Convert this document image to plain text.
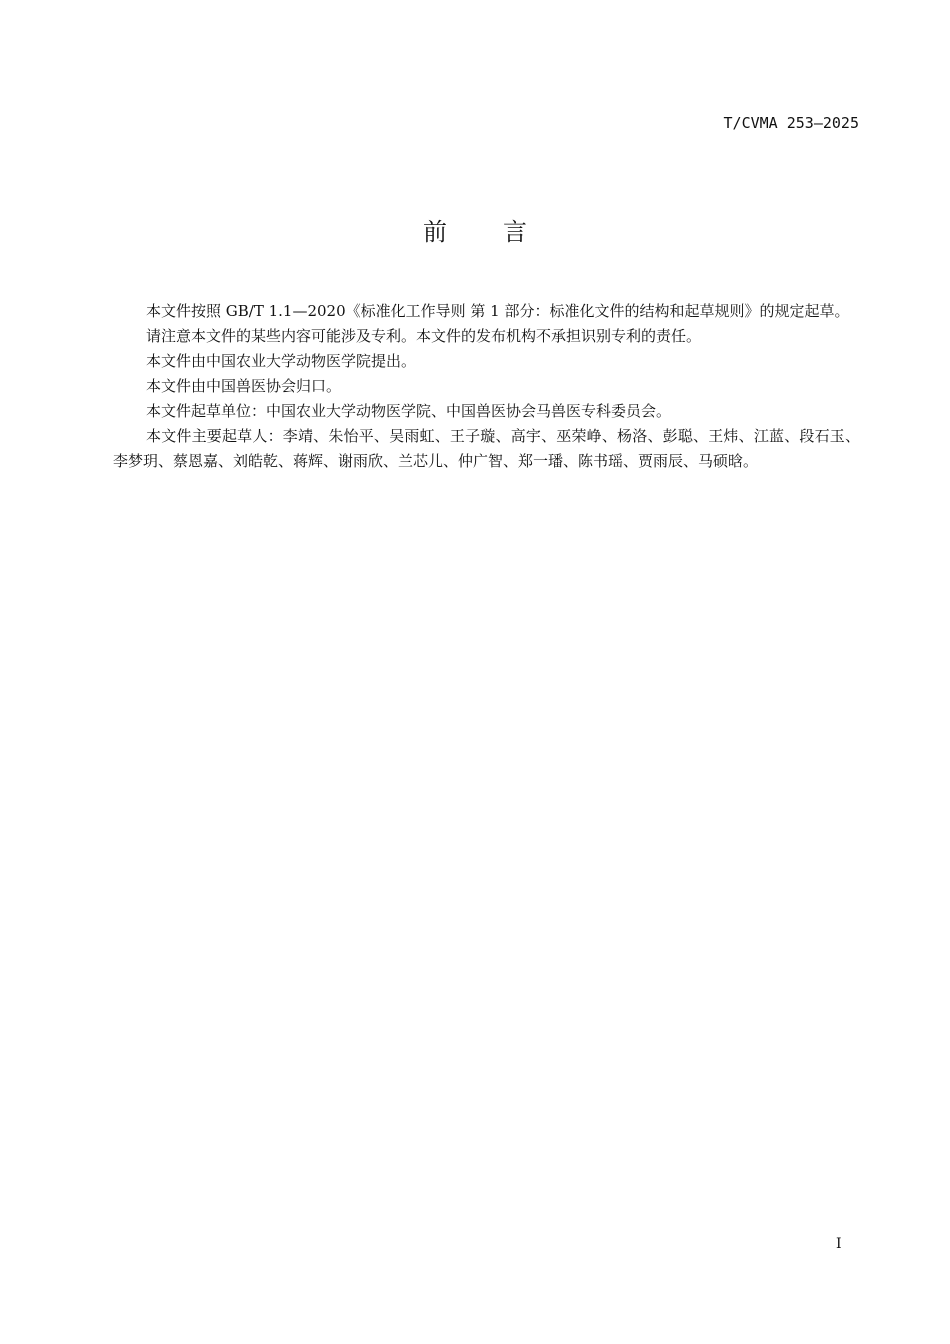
T/CVMA 253—2025
前 言

本文件按照 GB/T 1.1—2020《标准化工作导则 第 1 部分：标准化文件的结构和起草规则》的规定起草。

请注意本文件的某些内容可能涉及专利。本文件的发布机构不承担识别专利的责任。

本文件由中国农业大学动物医学院提出。

本文件由中国兽医协会归口。

本文件起草单位：中国农业大学动物医学院、中国兽医协会马兽医专科委员会。

本文件主要起草人：李靖、朱怡平、吴雨虹、王子璇、高宇、巫荣峥、杨洛、彭聪、王炜、江蓝、段石玉、李梦玥、蔡恩嘉、刘皓乾、蒋辉、谢雨欣、兰芯儿、仲广智、郑一璠、陈书瑶、贾雨辰、马硕晗。

I
